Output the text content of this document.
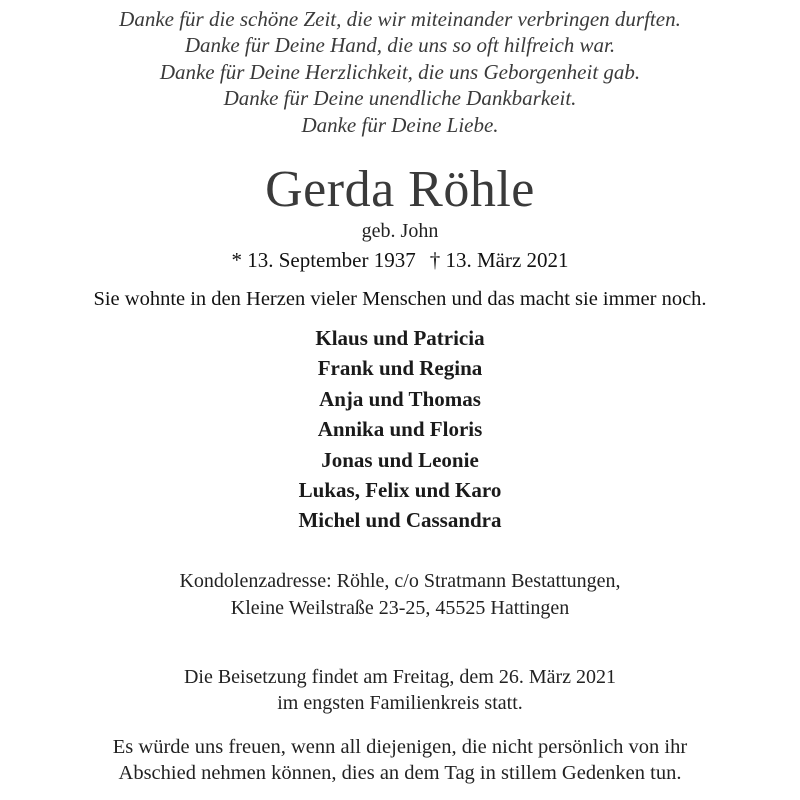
Danke für die schöne Zeit, die wir miteinander verbringen durften.
Danke für Deine Hand, die uns so oft hilfreich war.
Danke für Deine Herzlichkeit, die uns Geborgenheit gab.
Danke für Deine unendliche Dankbarkeit.
Danke für Deine Liebe.
Gerda Röhle
geb. John
* 13. September 1937 † 13. März 2021
Sie wohnte in den Herzen vieler Menschen und das macht sie immer noch.
Klaus und Patricia
Frank und Regina
Anja und Thomas
Annika und Floris
Jonas und Leonie
Lukas, Felix und Karo
Michel und Cassandra
Kondolenzadresse: Röhle, c/o Stratmann Bestattungen,
Kleine Weilstraße 23-25, 45525 Hattingen
Die Beisetzung findet am Freitag, dem 26. März 2021
im engsten Familienkreis statt.
Es würde uns freuen, wenn all diejenigen, die nicht persönlich von ihr
Abschied nehmen können, dies an dem Tag in stillem Gedenken tun.
